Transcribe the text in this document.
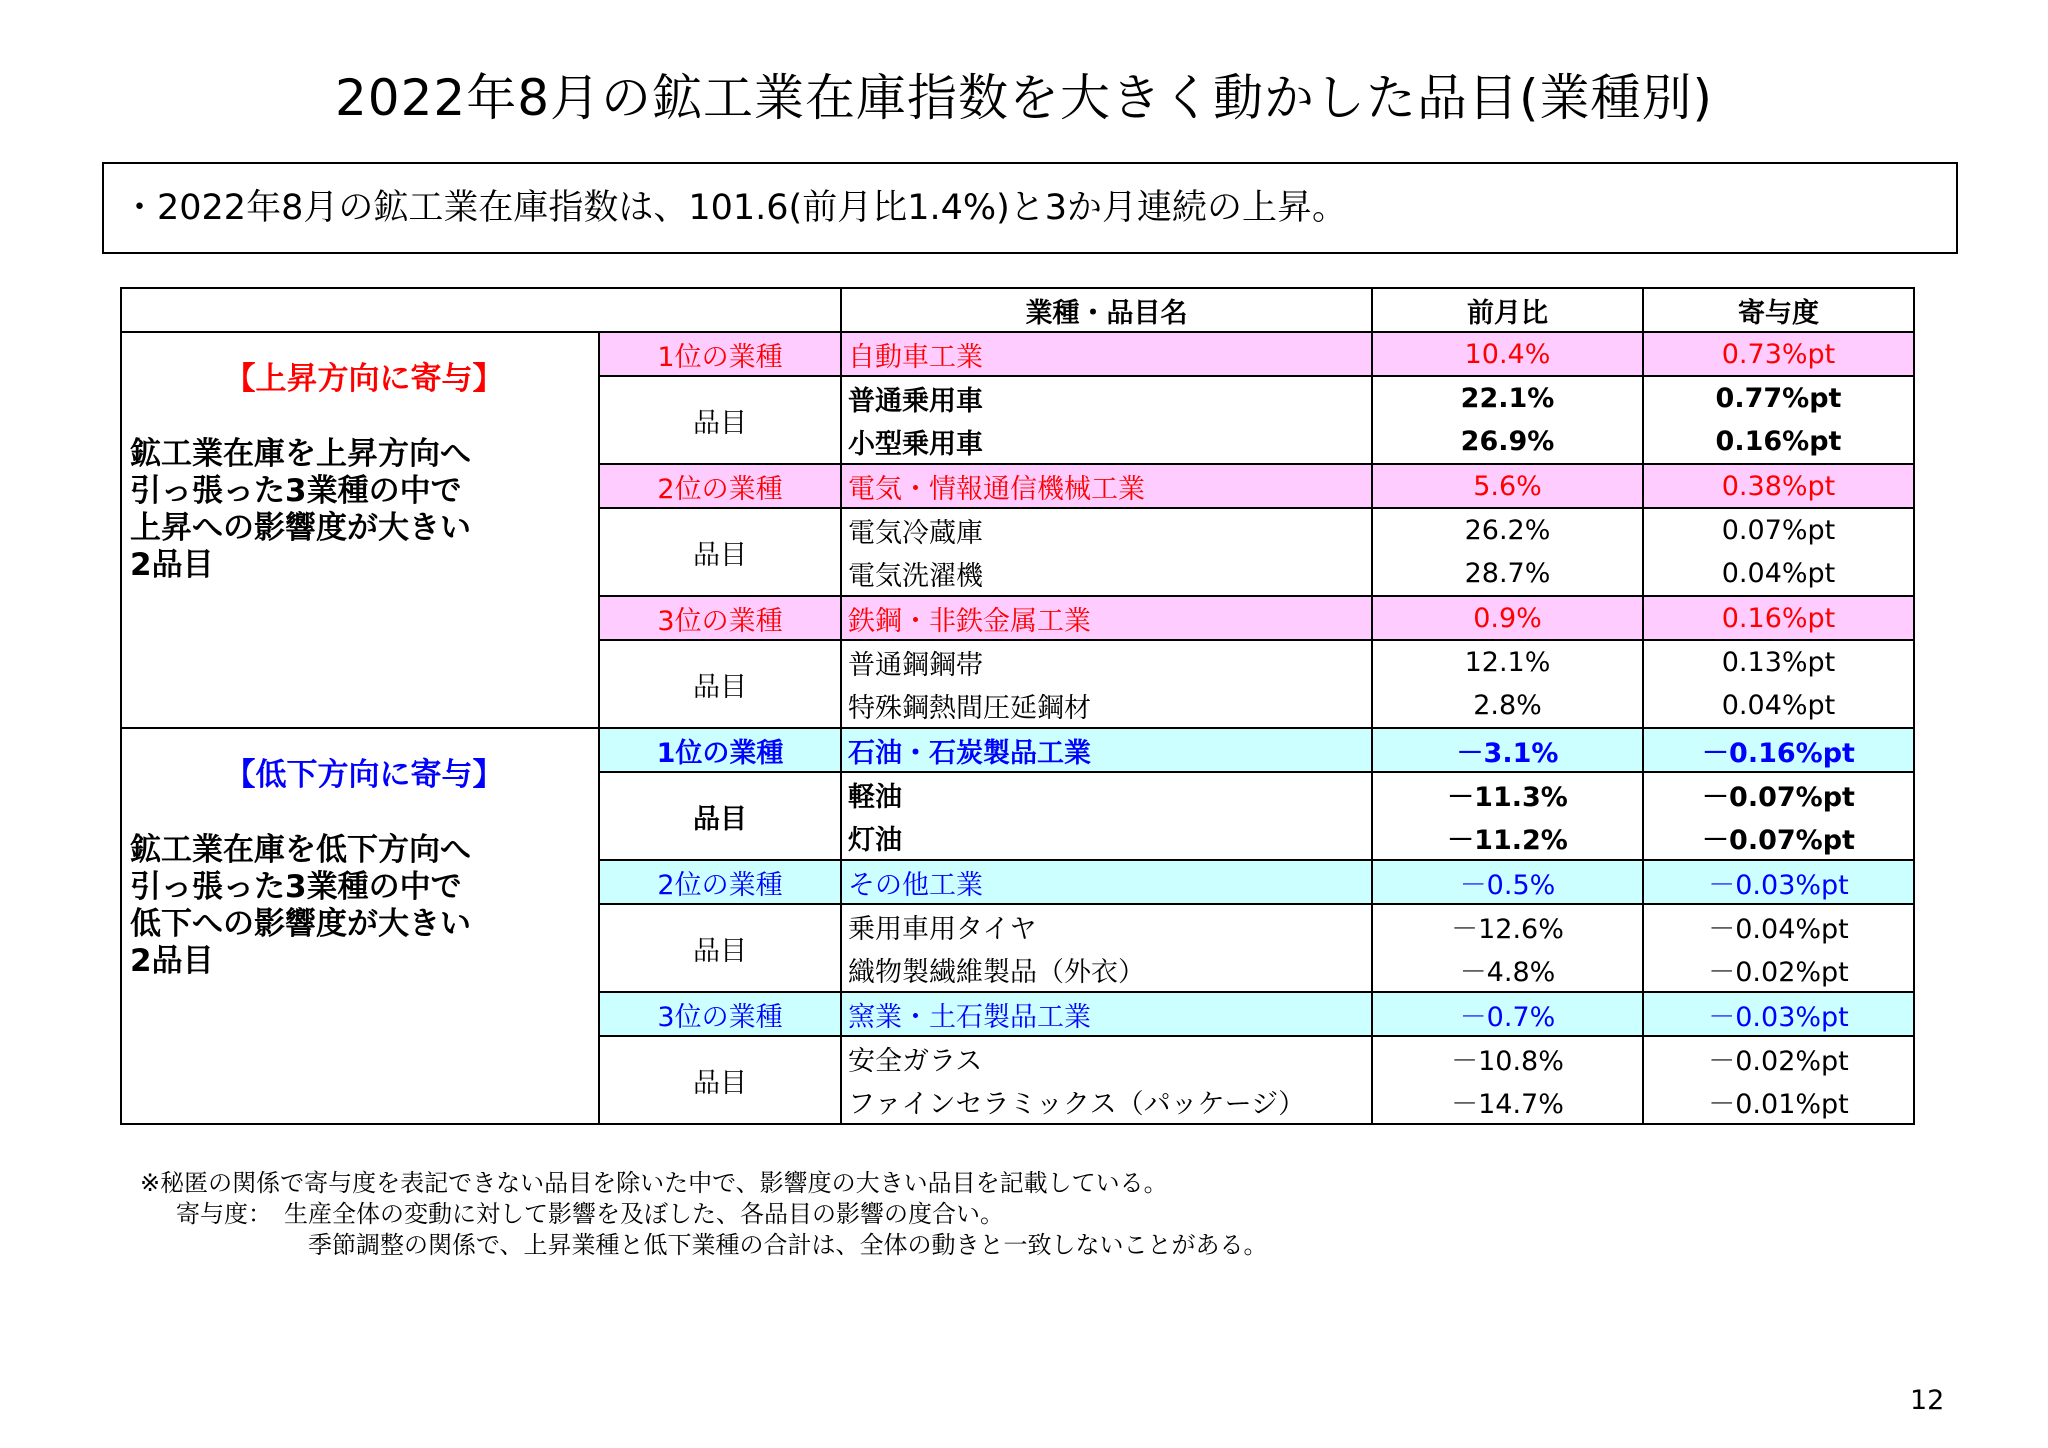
2022年8月の鉱工業在庫指数を大きく動かした品目(業種別)
・2022年8月の鉱工業在庫指数は、101.6(前月比1.4%)と3か月連続の上昇。
		業種・品目名	前月比	寄与度

【上昇方向に寄与】
鉱工業在庫を上昇方向へ
引っ張った3業種の中で
上昇への影響度が大きい
2品目	1位の業種	自動車工業	10.4%	0.73%pt
	品目	普通乗用車	22.1%	0.77%pt
		小型乗用車	26.9%	0.16%pt
	2位の業種	電気・情報通信機械工業	5.6%	0.38%pt
	品目	電気冷蔵庫	26.2%	0.07%pt
		電気洗濯機	28.7%	0.04%pt
	3位の業種	鉄鋼・非鉄金属工業	0.9%	0.16%pt
	品目	普通鋼鋼帯	12.1%	0.13%pt
		特殊鋼熱間圧延鋼材	2.8%	0.04%pt

【低下方向に寄与】
鉱工業在庫を低下方向へ
引っ張った3業種の中で
低下への影響度が大きい
2品目	1位の業種	石油・石炭製品工業	－3.1%	－0.16%pt
	品目	軽油	－11.3%	－0.07%pt
		灯油	－11.2%	－0.07%pt
	2位の業種	その他工業	－0.5%	－0.03%pt
	品目	乗用車用タイヤ	－12.6%	－0.04%pt
		織物製繊維製品（外衣）	－4.8%	－0.02%pt
	3位の業種	窯業・土石製品工業	－0.7%	－0.03%pt
	品目	安全ガラス	－10.8%	－0.02%pt
		ファインセラミックス（パッケージ）	－14.7%	－0.01%pt
※秘匿の関係で寄与度を表記できない品目を除いた中で、影響度の大きい品目を記載している。
寄与度：　生産全体の変動に対して影響を及ぼした、各品目の影響の度合い。
季節調整の関係で、上昇業種と低下業種の合計は、全体の動きと一致しないことがある。
12
